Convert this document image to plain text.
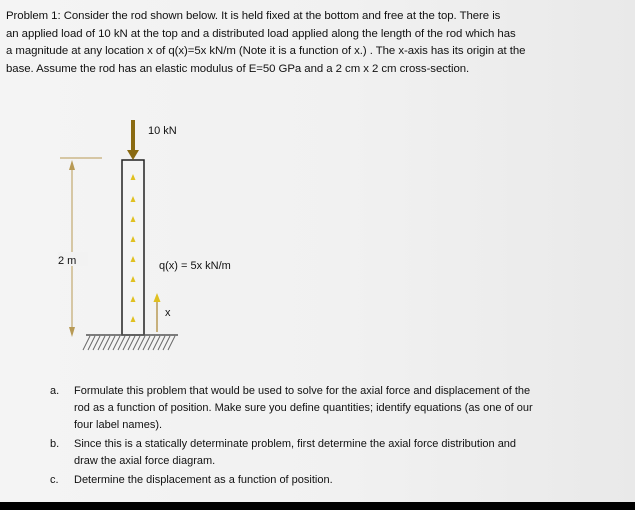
Problem 1: Consider the rod shown below. It is held fixed at the bottom and free at the top. There is
an applied load of 10 kN at the top and a distributed load applied along the length of the rod which has
a magnitude at any location x of q(x)=5x kN/m (Note it is a function of x.) . The x-axis has its origin at the
base. Assume the rod has an elastic modulus of E=50 GPa and a 2 cm x 2 cm cross-section.
2 m
10 kN
q(x) = 5x kN/m
x
a. Formulate this problem that would be used to solve for the axial force and displacement of the
rod as a function of position. Make sure you define quantities; identify equations (as one of our
four label names).
b. Since this is a statically determinate problem, first determine the axial force distribution and
draw the axial force diagram.
c. Determine the displacement as a function of position.
